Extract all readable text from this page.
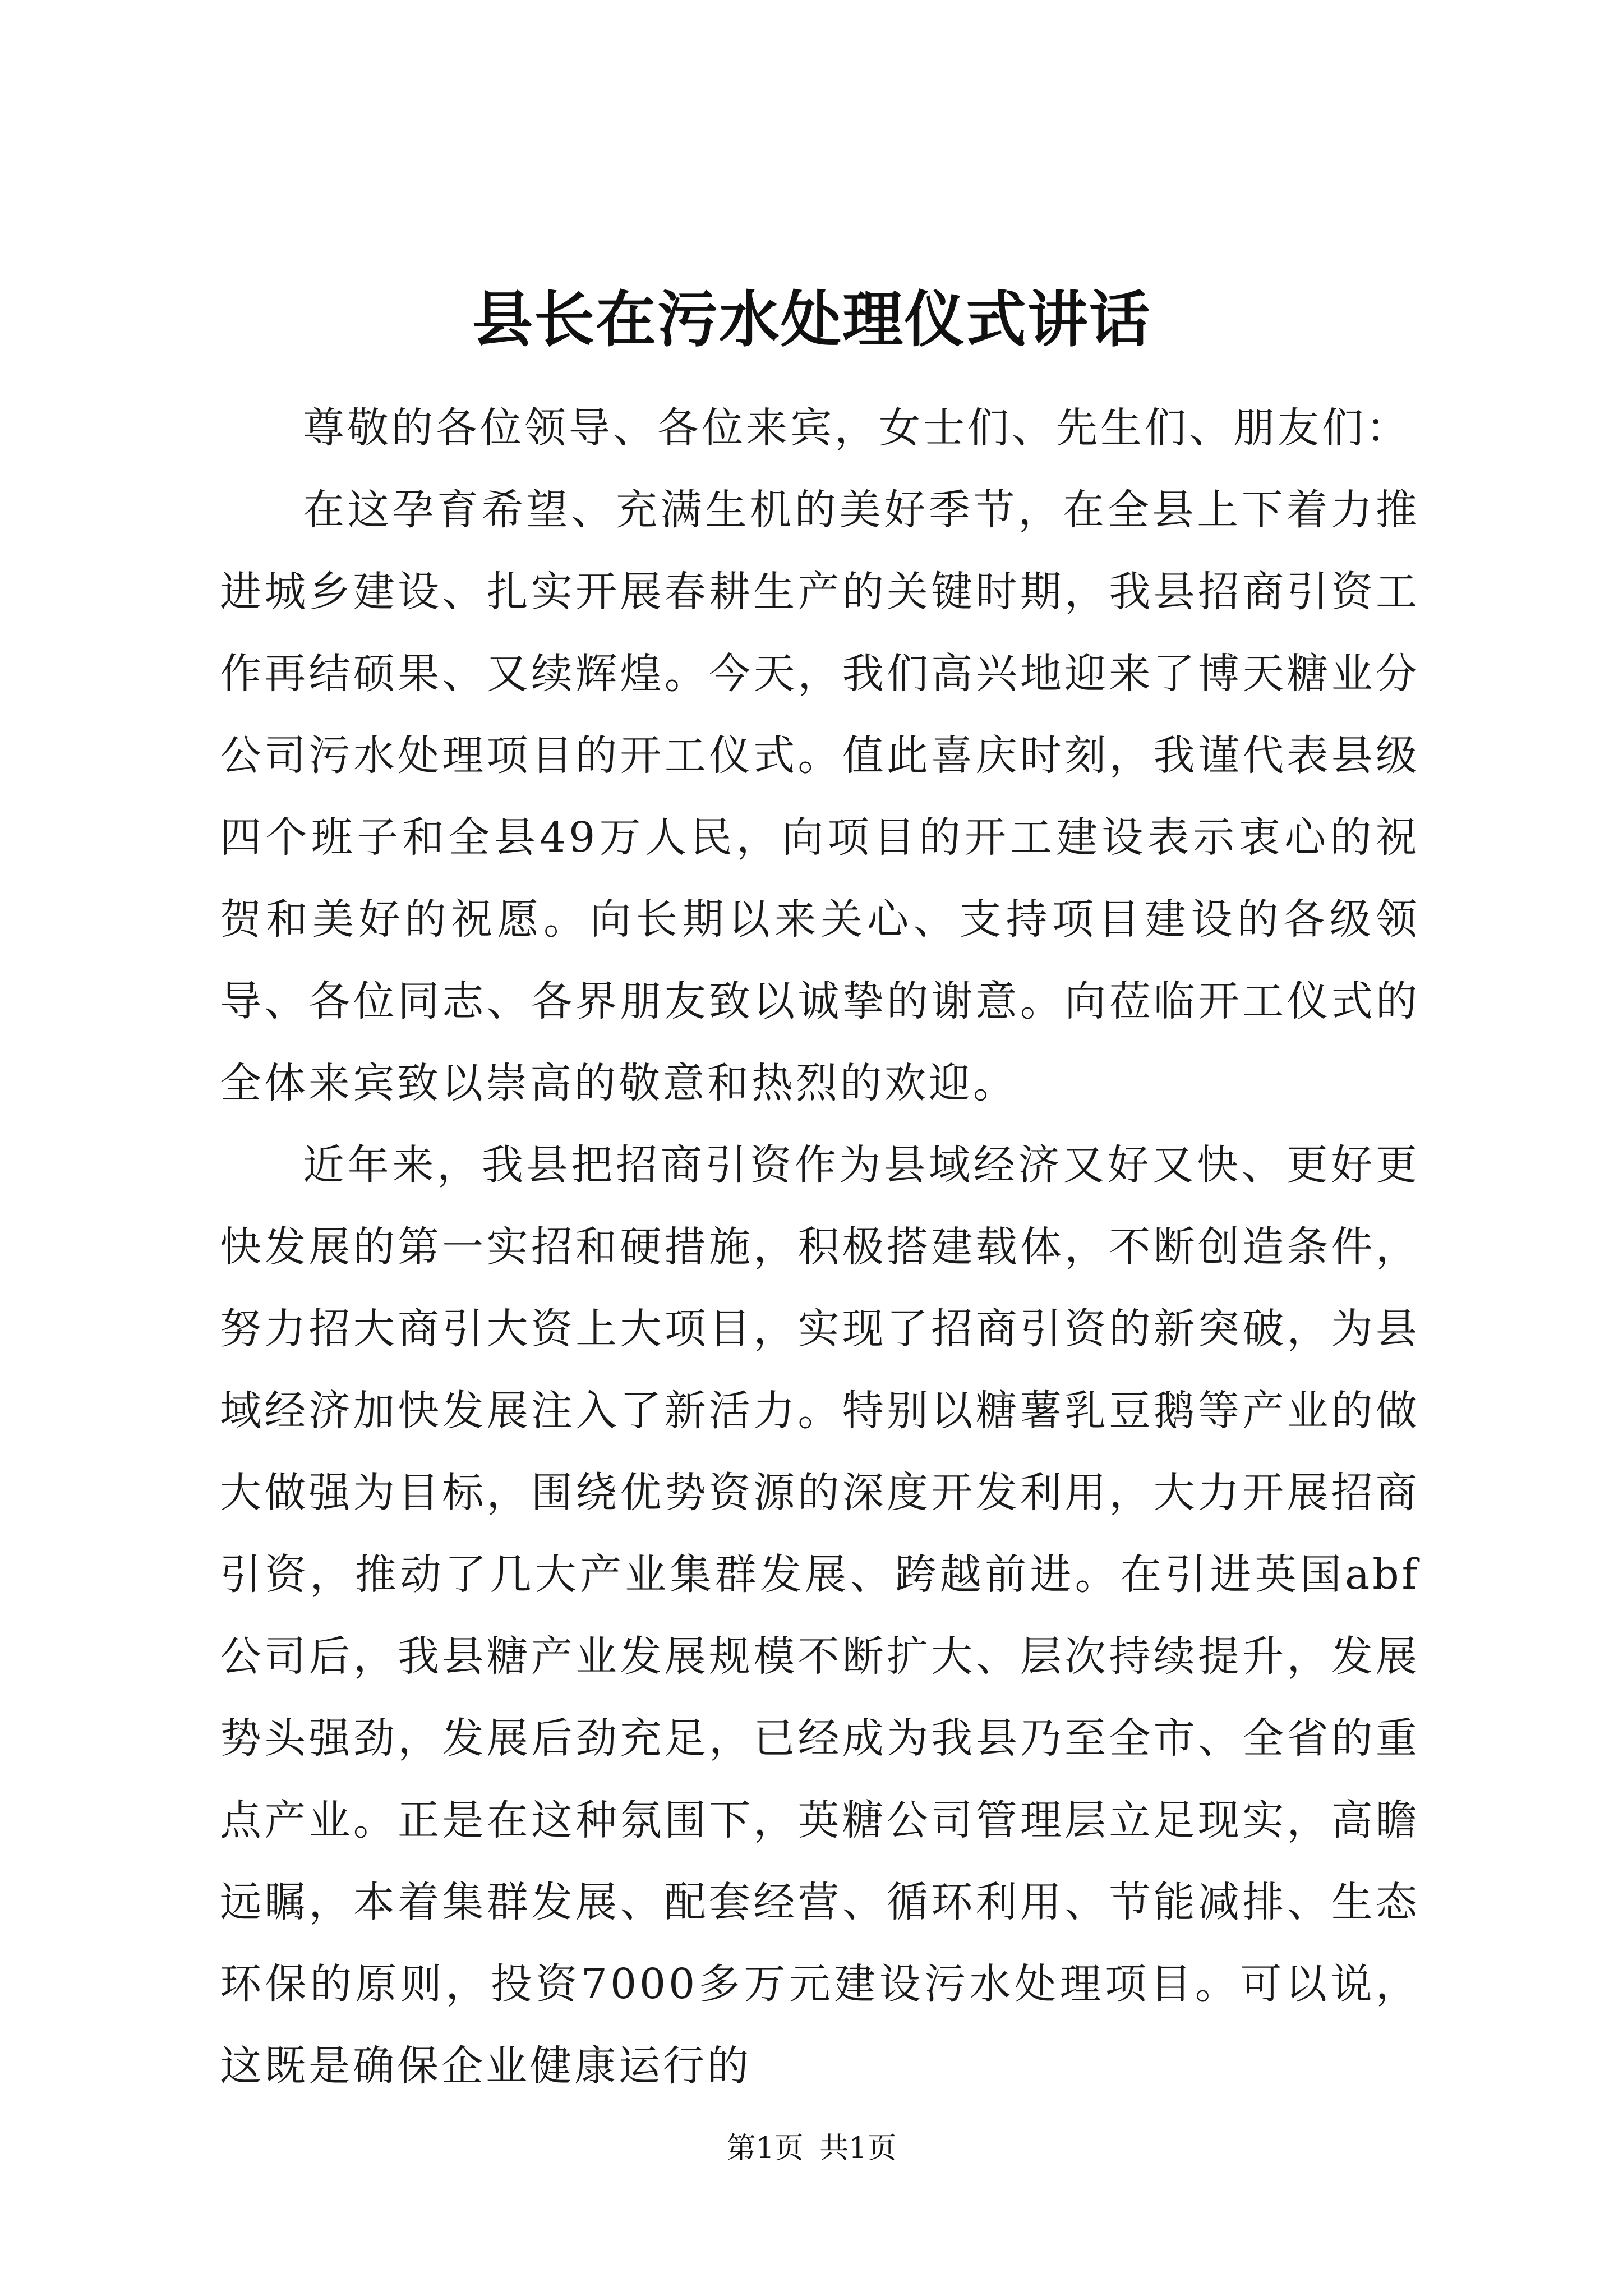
县长在污水处理仪式讲话

尊敬的各位领导、各位来宾，女士们、先生们、朋友们：

在这孕育希望、充满生机的美好季节，在全县上下着力推进城乡建设、扎实开展春耕生产的关键时期，我县招商引资工作再结硕果、又续辉煌。今天，我们高兴地迎来了博天糖业分公司污水处理项目的开工仪式。值此喜庆时刻，我谨代表县级四个班子和全县49万人民，向项目的开工建设表示衷心的祝贺和美好的祝愿。向长期以来关心、支持项目建设的各级领导、各位同志、各界朋友致以诚挚的谢意。向莅临开工仪式的全体来宾致以崇高的敬意和热烈的欢迎。

近年来，我县把招商引资作为县域经济又好又快、更好更快发展的第一实招和硬措施，积极搭建载体，不断创造条件，努力招大商引大资上大项目，实现了招商引资的新突破，为县域经济加快发展注入了新活力。特别以糖薯乳豆鹅等产业的做大做强为目标，围绕优势资源的深度开发利用，大力开展招商引资，推动了几大产业集群发展、跨越前进。在引进英国abf公司后，我县糖产业发展规模不断扩大、层次持续提升，发展势头强劲，发展后劲充足，已经成为我县乃至全市、全省的重点产业。正是在这种氛围下，英糖公司管理层立足现实，高瞻远瞩，本着集群发展、配套经营、循环利用、节能减排、生态环保的原则，投资7000多万元建设污水处理项目。可以说，这既是确保企业健康运行的

第1页 共1页
